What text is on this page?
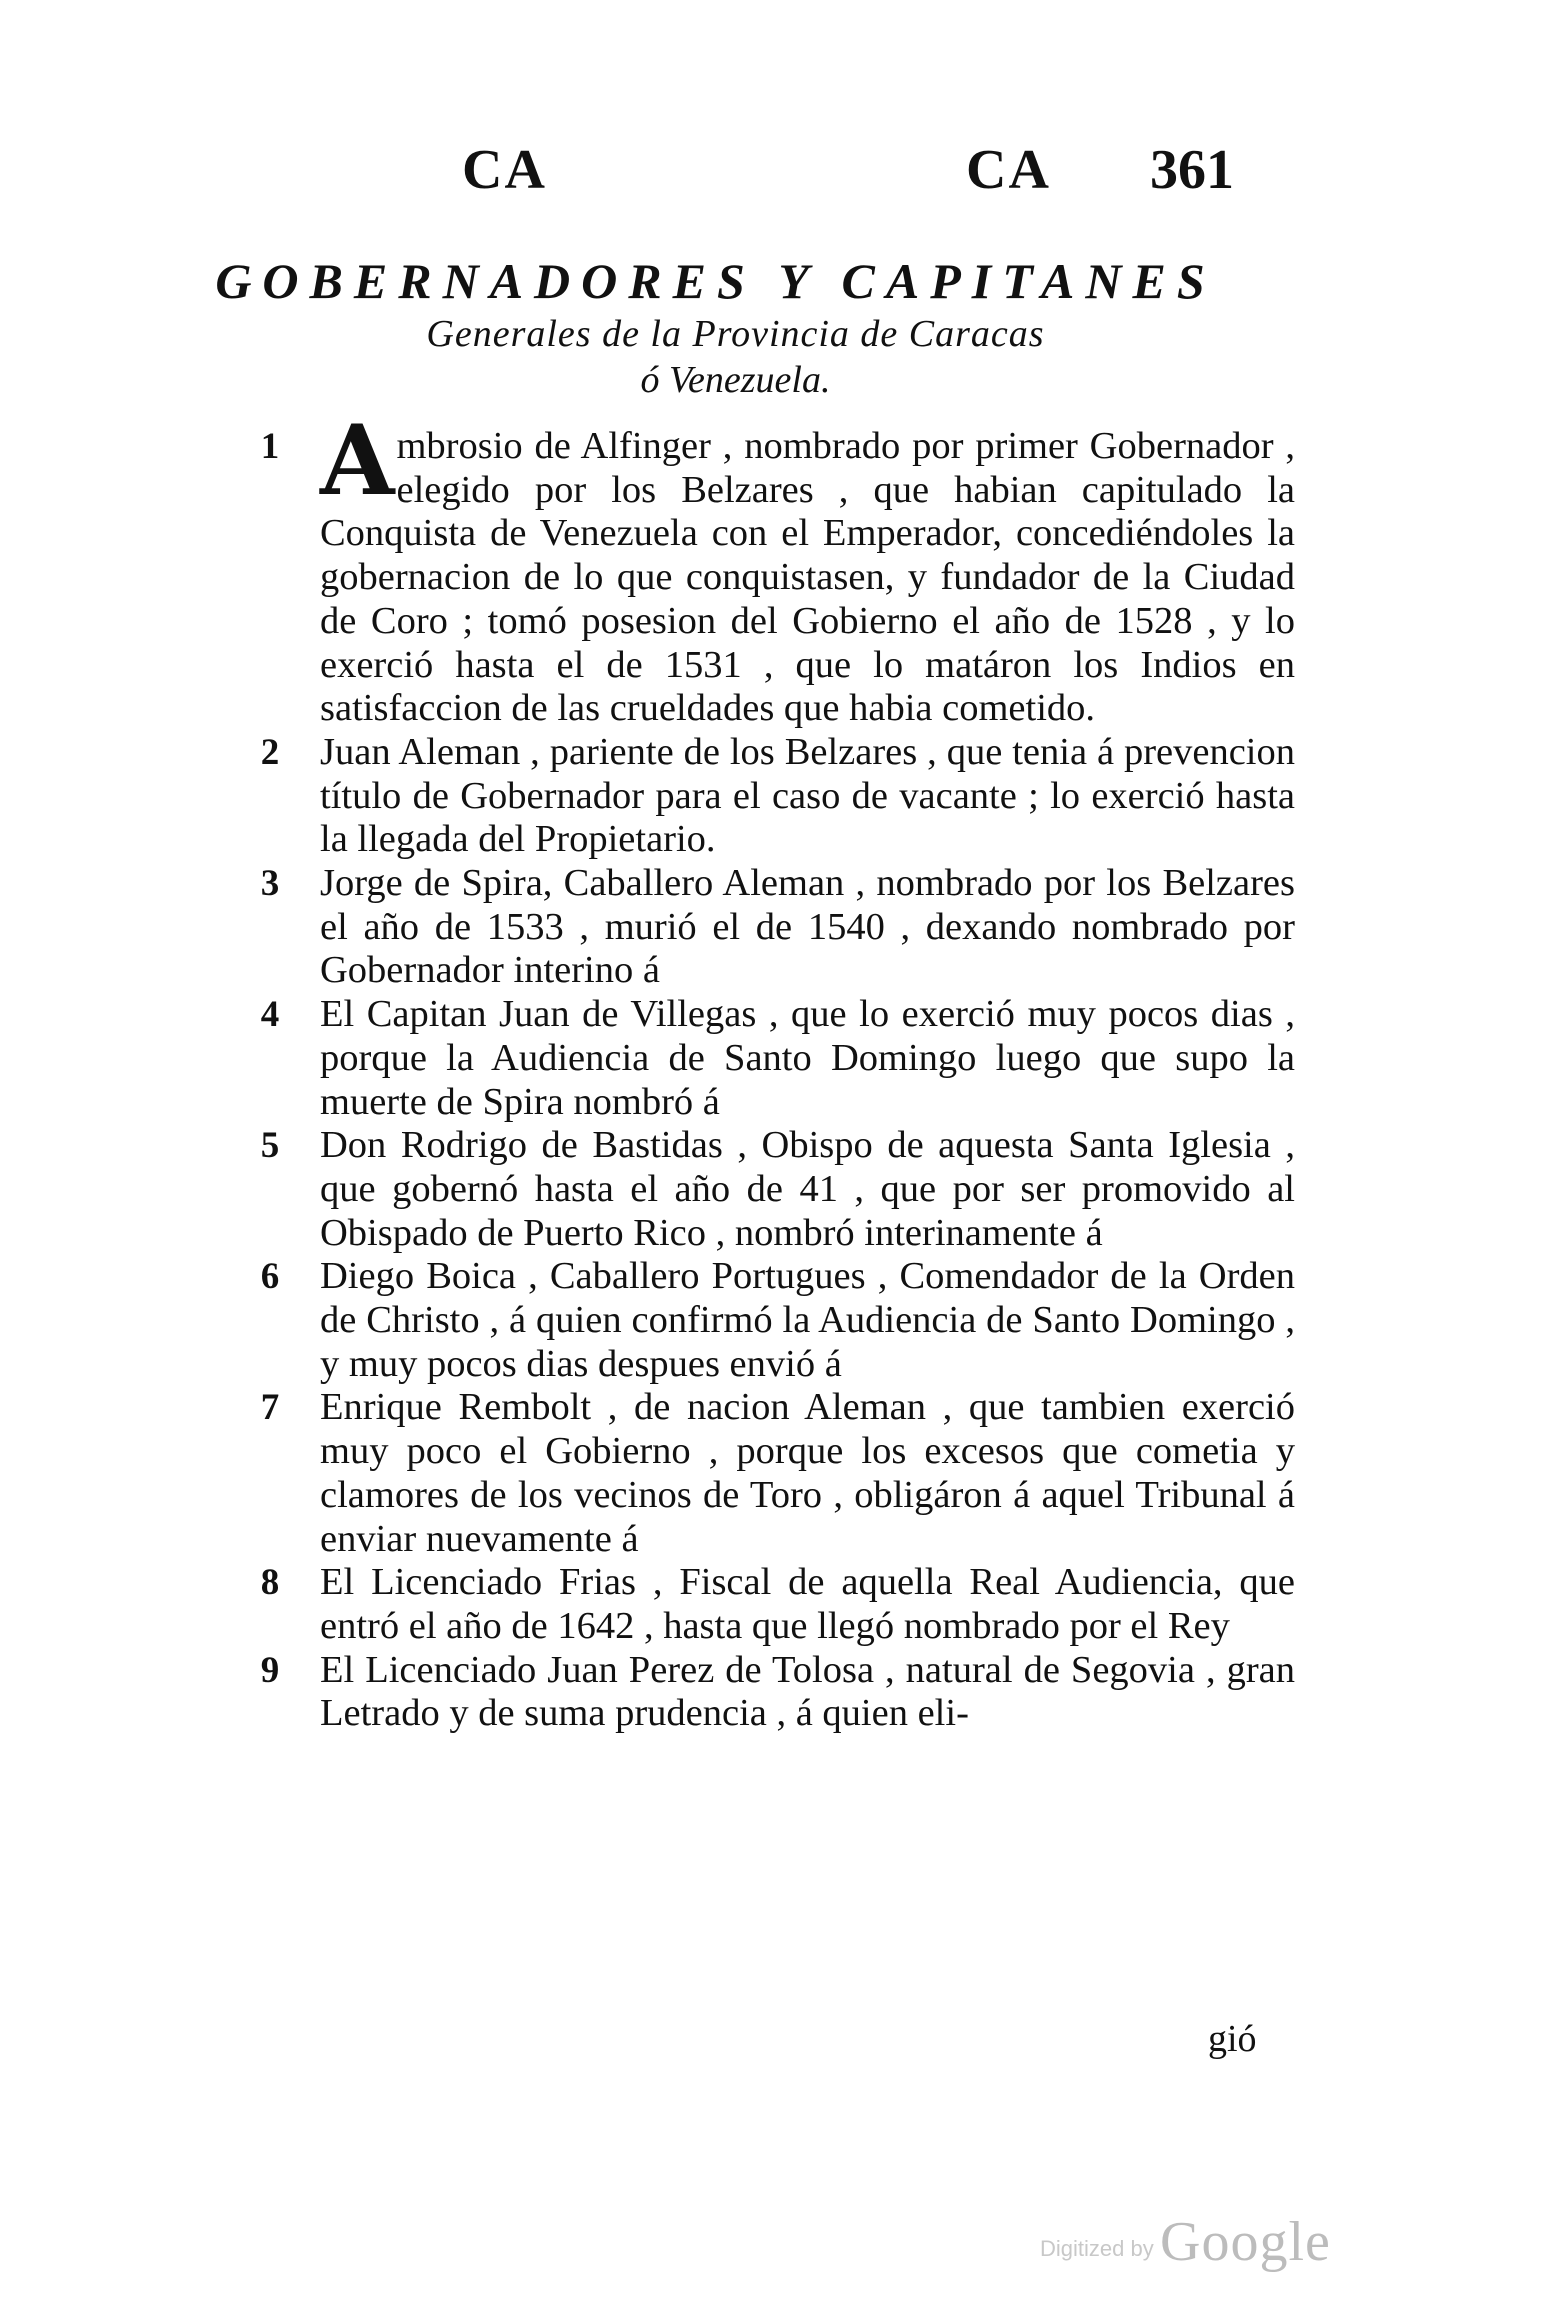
CA	CA 361
GOBERNADORES Y CAPITANES
Generales de la Provincia de Caracas
ó Venezuela.
1 Ambrosio de Alfinger , nombrado por primer Gobernador , elegido por los Belzares , que habian capitulado la Conquista de Venezuela con el Emperador, concediéndoles la gobernacion de lo que conquistasen, y fundador de la Ciudad de Coro ; tomó posesion del Gobierno el año de 1528 , y lo exerció hasta el de 1531 , que lo matáron los Indios en satisfaccion de las crueldades que habia cometido.
2 Juan Aleman , pariente de los Belzares , que tenia á prevencion título de Gobernador para el caso de vacante ; lo exerció hasta la llegada del Propietario.
3 Jorge de Spira, Caballero Aleman , nombrado por los Belzares el año de 1533 , murió el de 1540 , dexando nombrado por Gobernador interino á
4 El Capitan Juan de Villegas , que lo exerció muy pocos dias , porque la Audiencia de Santo Domingo luego que supo la muerte de Spira nombró á
5 Don Rodrigo de Bastidas , Obispo de aquesta Santa Iglesia , que gobernó hasta el año de 41 , que por ser promovido al Obispado de Puerto Rico , nombró interinamente á
6 Diego Boica , Caballero Portugues , Comendador de la Orden de Christo , á quien confirmó la Audiencia de Santo Domingo , y muy pocos dias despues envió á
7 Enrique Rembolt , de nacion Aleman , que tambien exerció muy poco el Gobierno , porque los excesos que cometia y clamores de los vecinos de Toro , obligáron á aquel Tribunal á enviar nuevamente á
8 El Licenciado Frias , Fiscal de aquella Real Audiencia, que entró el año de 1642 , hasta que llegó nombrado por el Rey
9 El Licenciado Juan Perez de Tolosa , natural de Segovia , gran Letrado y de suma prudencia , á quien eli-
gió
Digitized by Google
